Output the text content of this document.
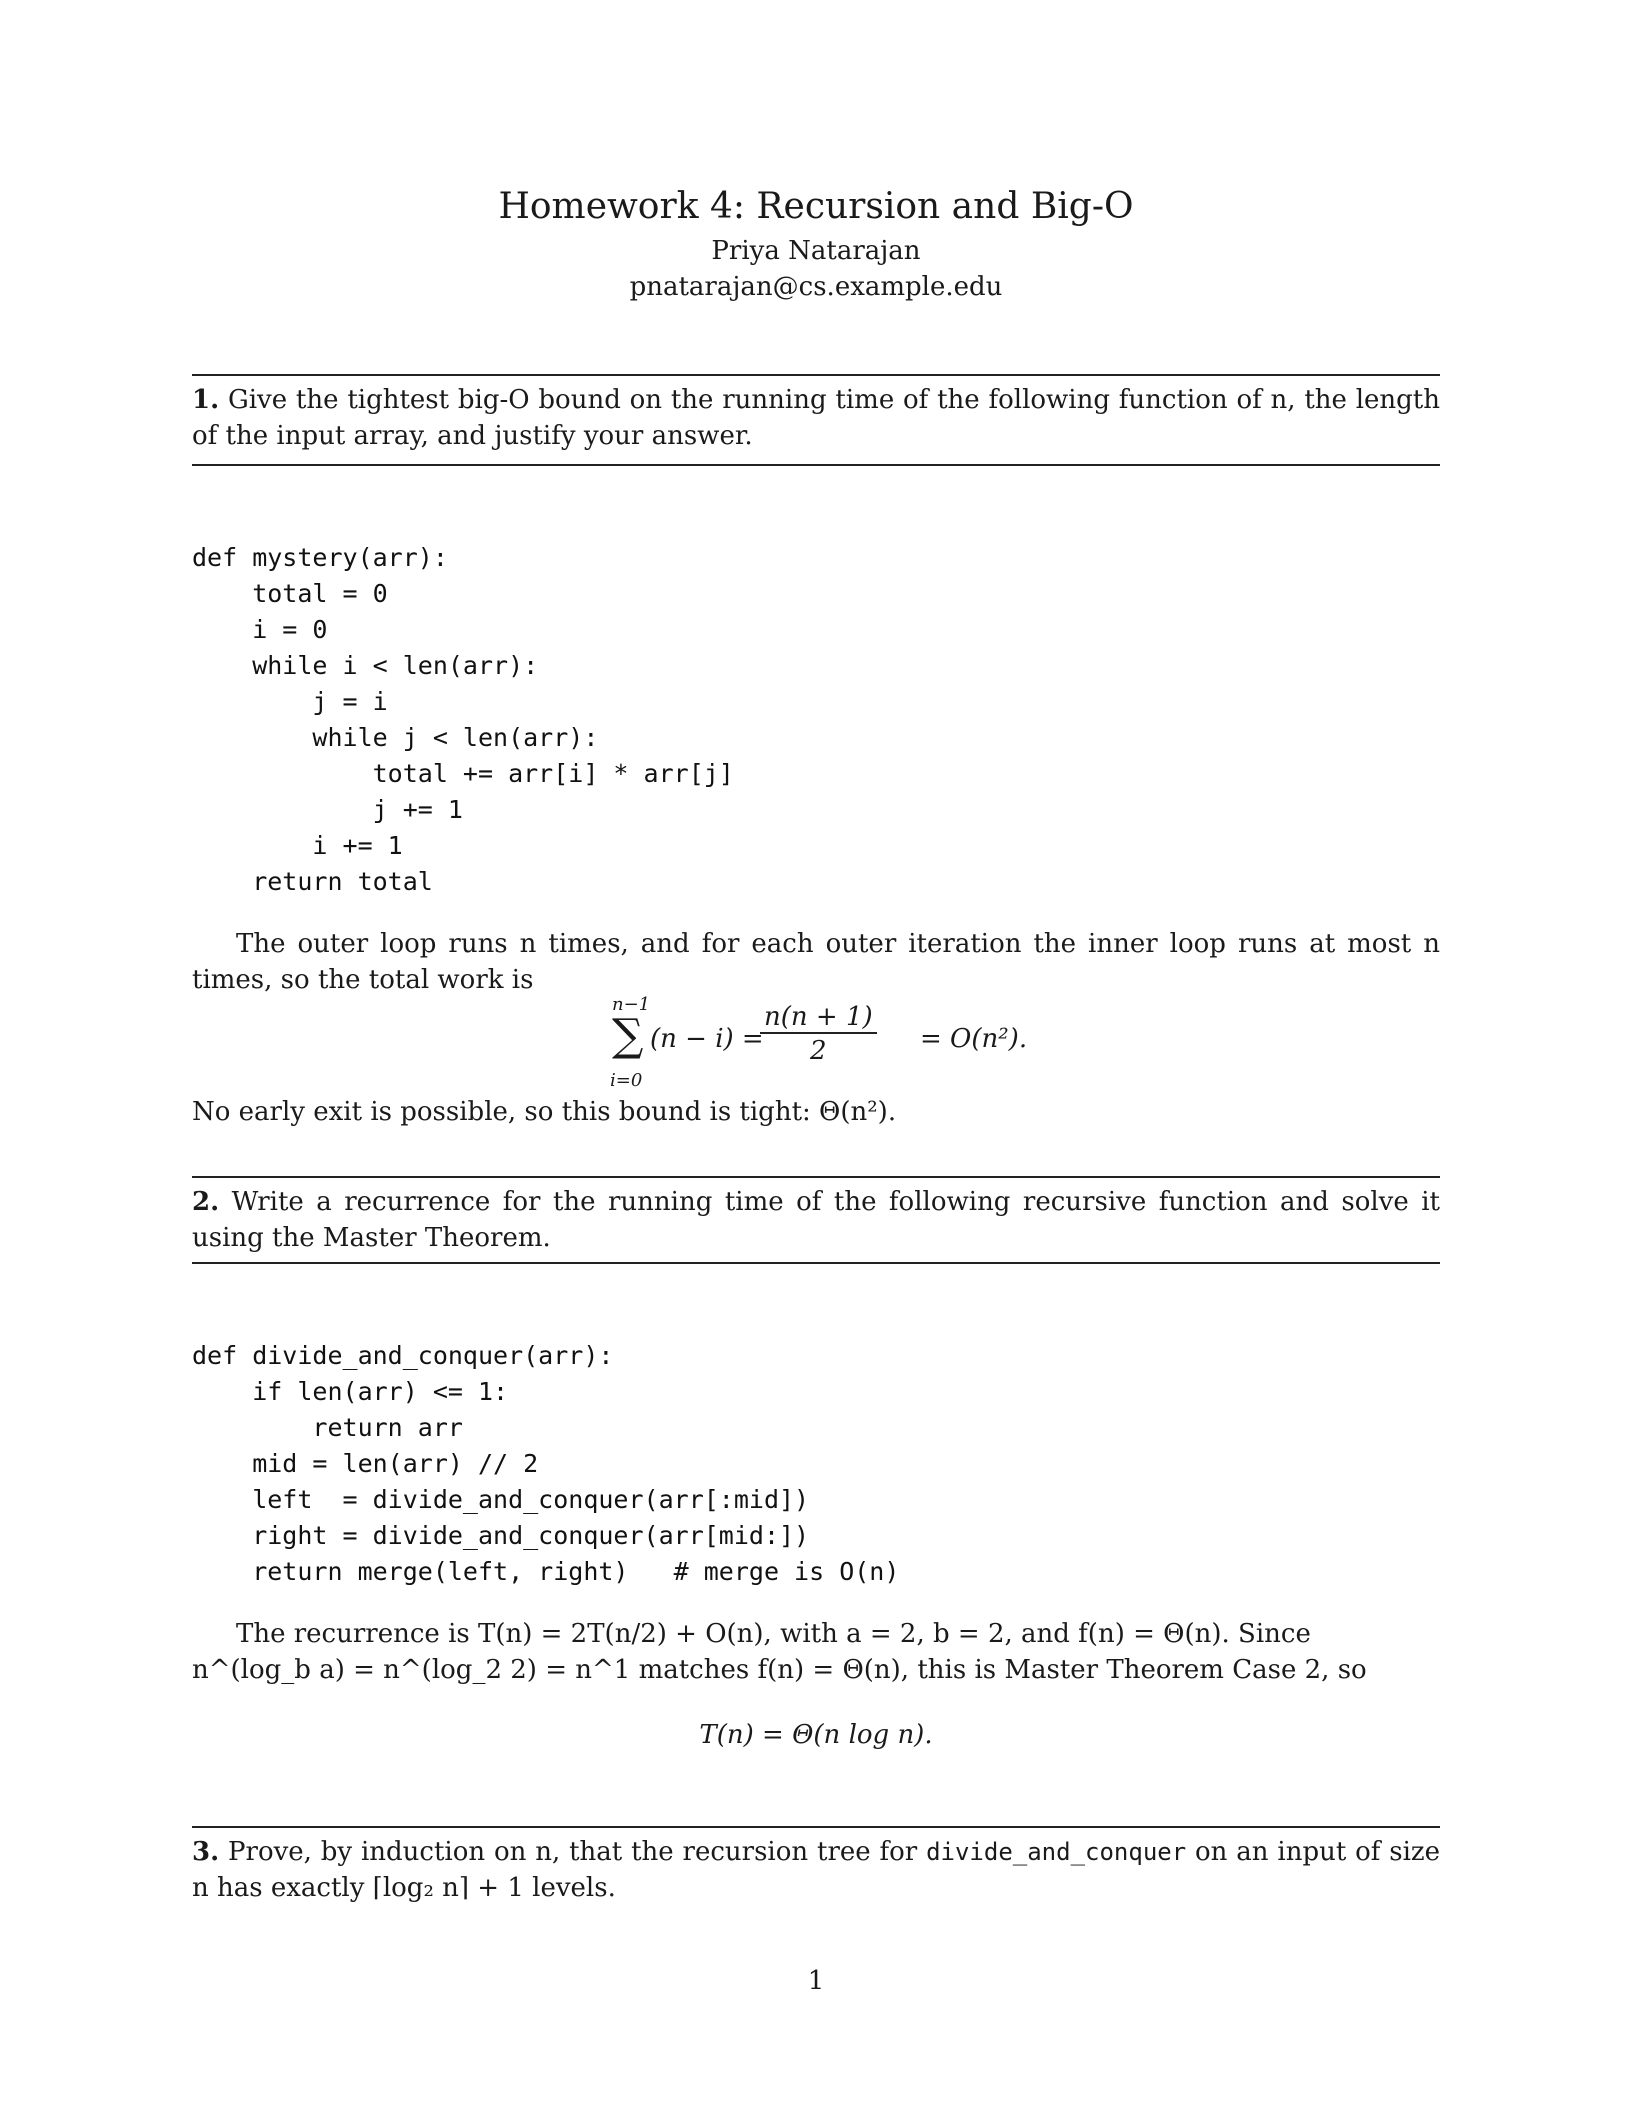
Homework 4: Recursion and Big-O
Priya Natarajan
pnatarajan@cs.example.edu
1. Give the tightest big-O bound on the running time of the following function of n, the length of the input array, and justify your answer.
def mystery(arr):
total = 0
i = 0
while i < len(arr):
j = i
while j < len(arr):
total += arr[i] * arr[j]
j += 1
i += 1
return total
The outer loop runs n times, and for each outer iteration the inner loop runs at most n times, so the total work is
n−1
∑
i=0
(n − i) =
$\frac{n(n + 1)}{2} = O(n^2)$.
No early exit is possible, so this bound is tight: Θ(n²).
2. Write a recurrence for the running time of the following recursive function and solve it using the Master Theorem.
def divide_and_conquer(arr):
if len(arr) <= 1:
return arr
mid = len(arr) // 2
left  = divide_and_conquer(arr[:mid])
right = divide_and_conquer(arr[mid:])
return merge(left, right)   # merge is O(n)
The recurrence is T(n) = 2T(n/2) + O(n), with a = 2, b = 2, and f(n) = Θ(n). Since
n^(log_b a) = n^(log_2 2) = n^1 matches f(n) = Θ(n), this is Master Theorem Case 2, so
T(n) = Θ(n log n).
3. Prove, by induction on n, that the recursion tree for divide_and_conquer on an input of size n has exactly ⌈log₂ n⌉ + 1 levels.
1
